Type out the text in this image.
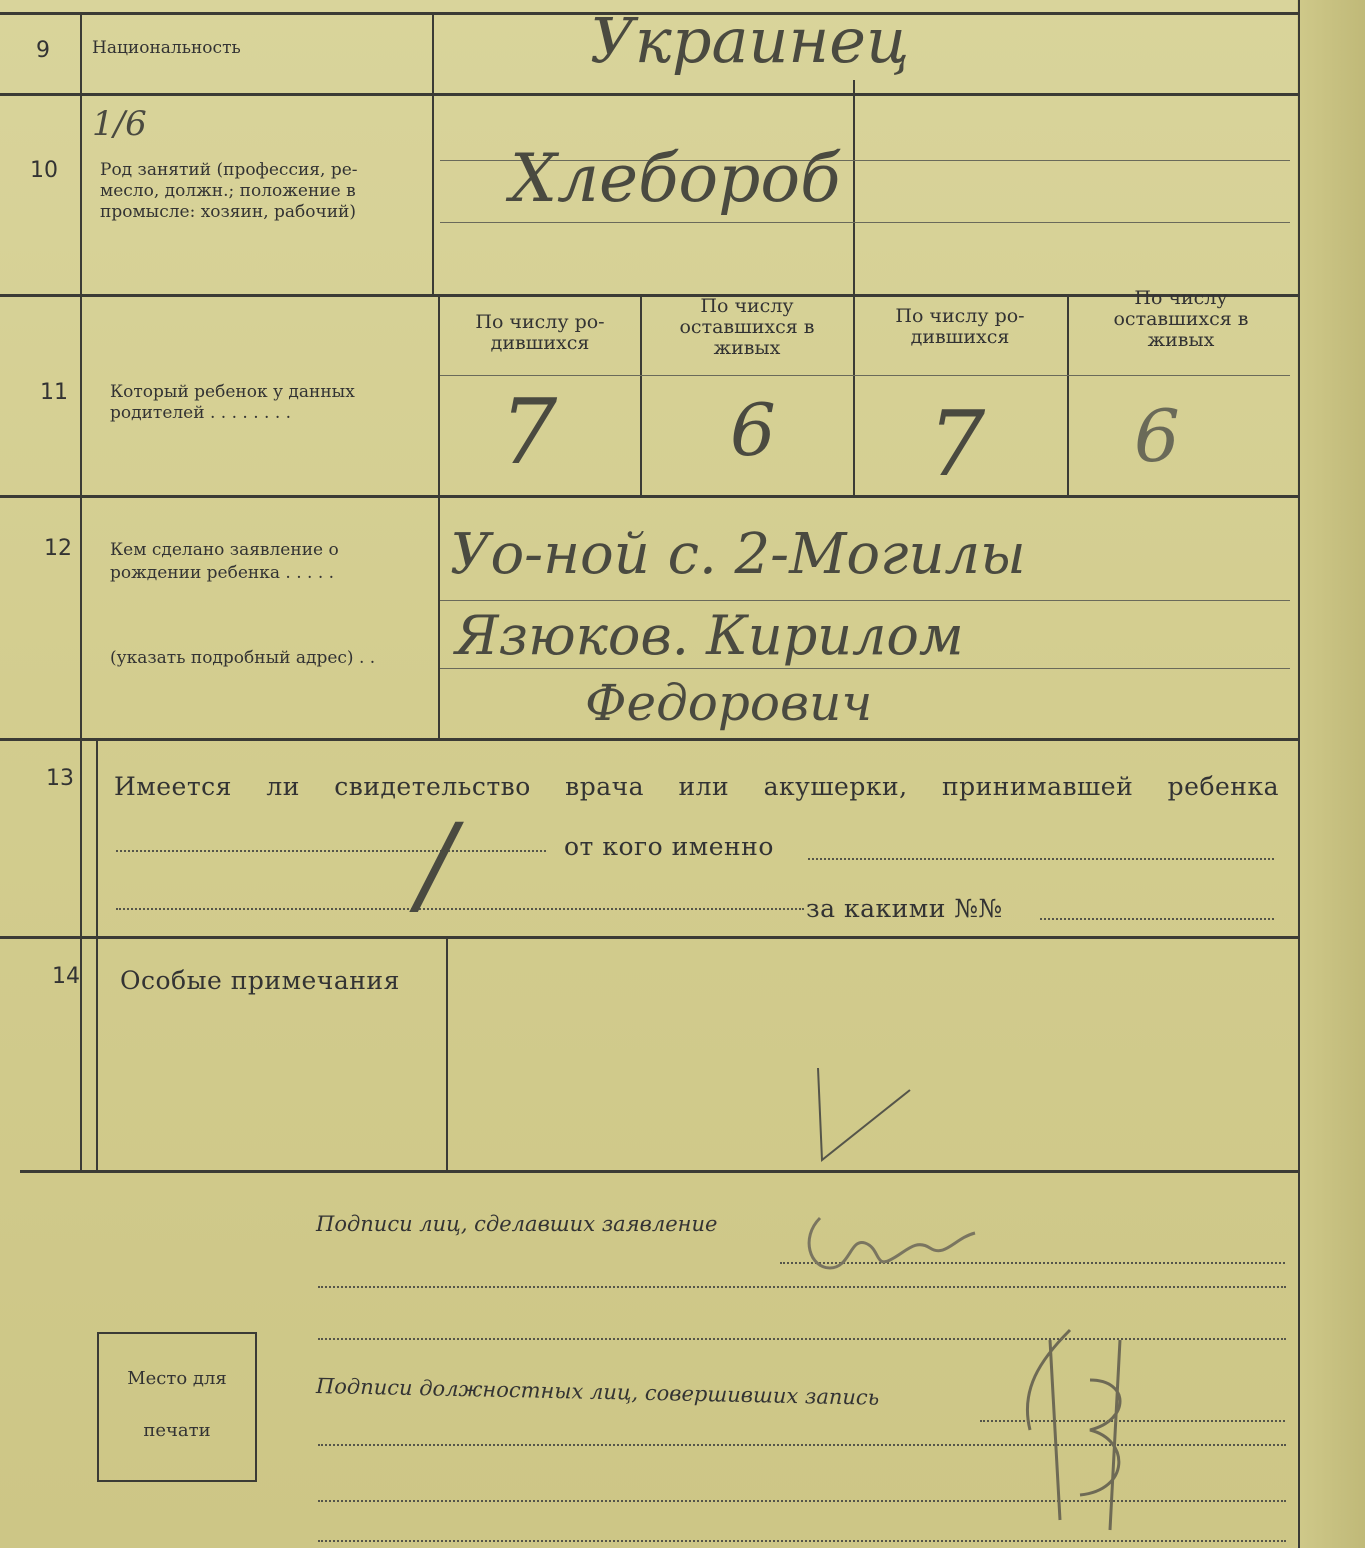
9 Национальность	Украинец
10
1/6
Род занятий (профессия, ре-
месло, должн.; положение в
промысле: хозяин, рабочий) Хлебороб
11 Который ребенок у данных
родителей . . . . . . . .
По числу ро-
дившихся
По числу
оставшихся в
живых
По числу ро-
дившихся
По числу
оставшихся в
живых
7 6 7 6
12 Кем сделано заявление о
рождении ребенка . . . . .
(указать подробный адрес) . .
Уо-ной с. 2-Могилы
Язюков. Кирилом
Федорович
13 Имеется ли свидетельство врача или акушерки, принимавшей ребенка
от кого именно
за какими №№
/
14 Особые примечания
Подписи лиц, сделавших заявление
Подписи должностных лиц, совершивших запись
Место для
печати
